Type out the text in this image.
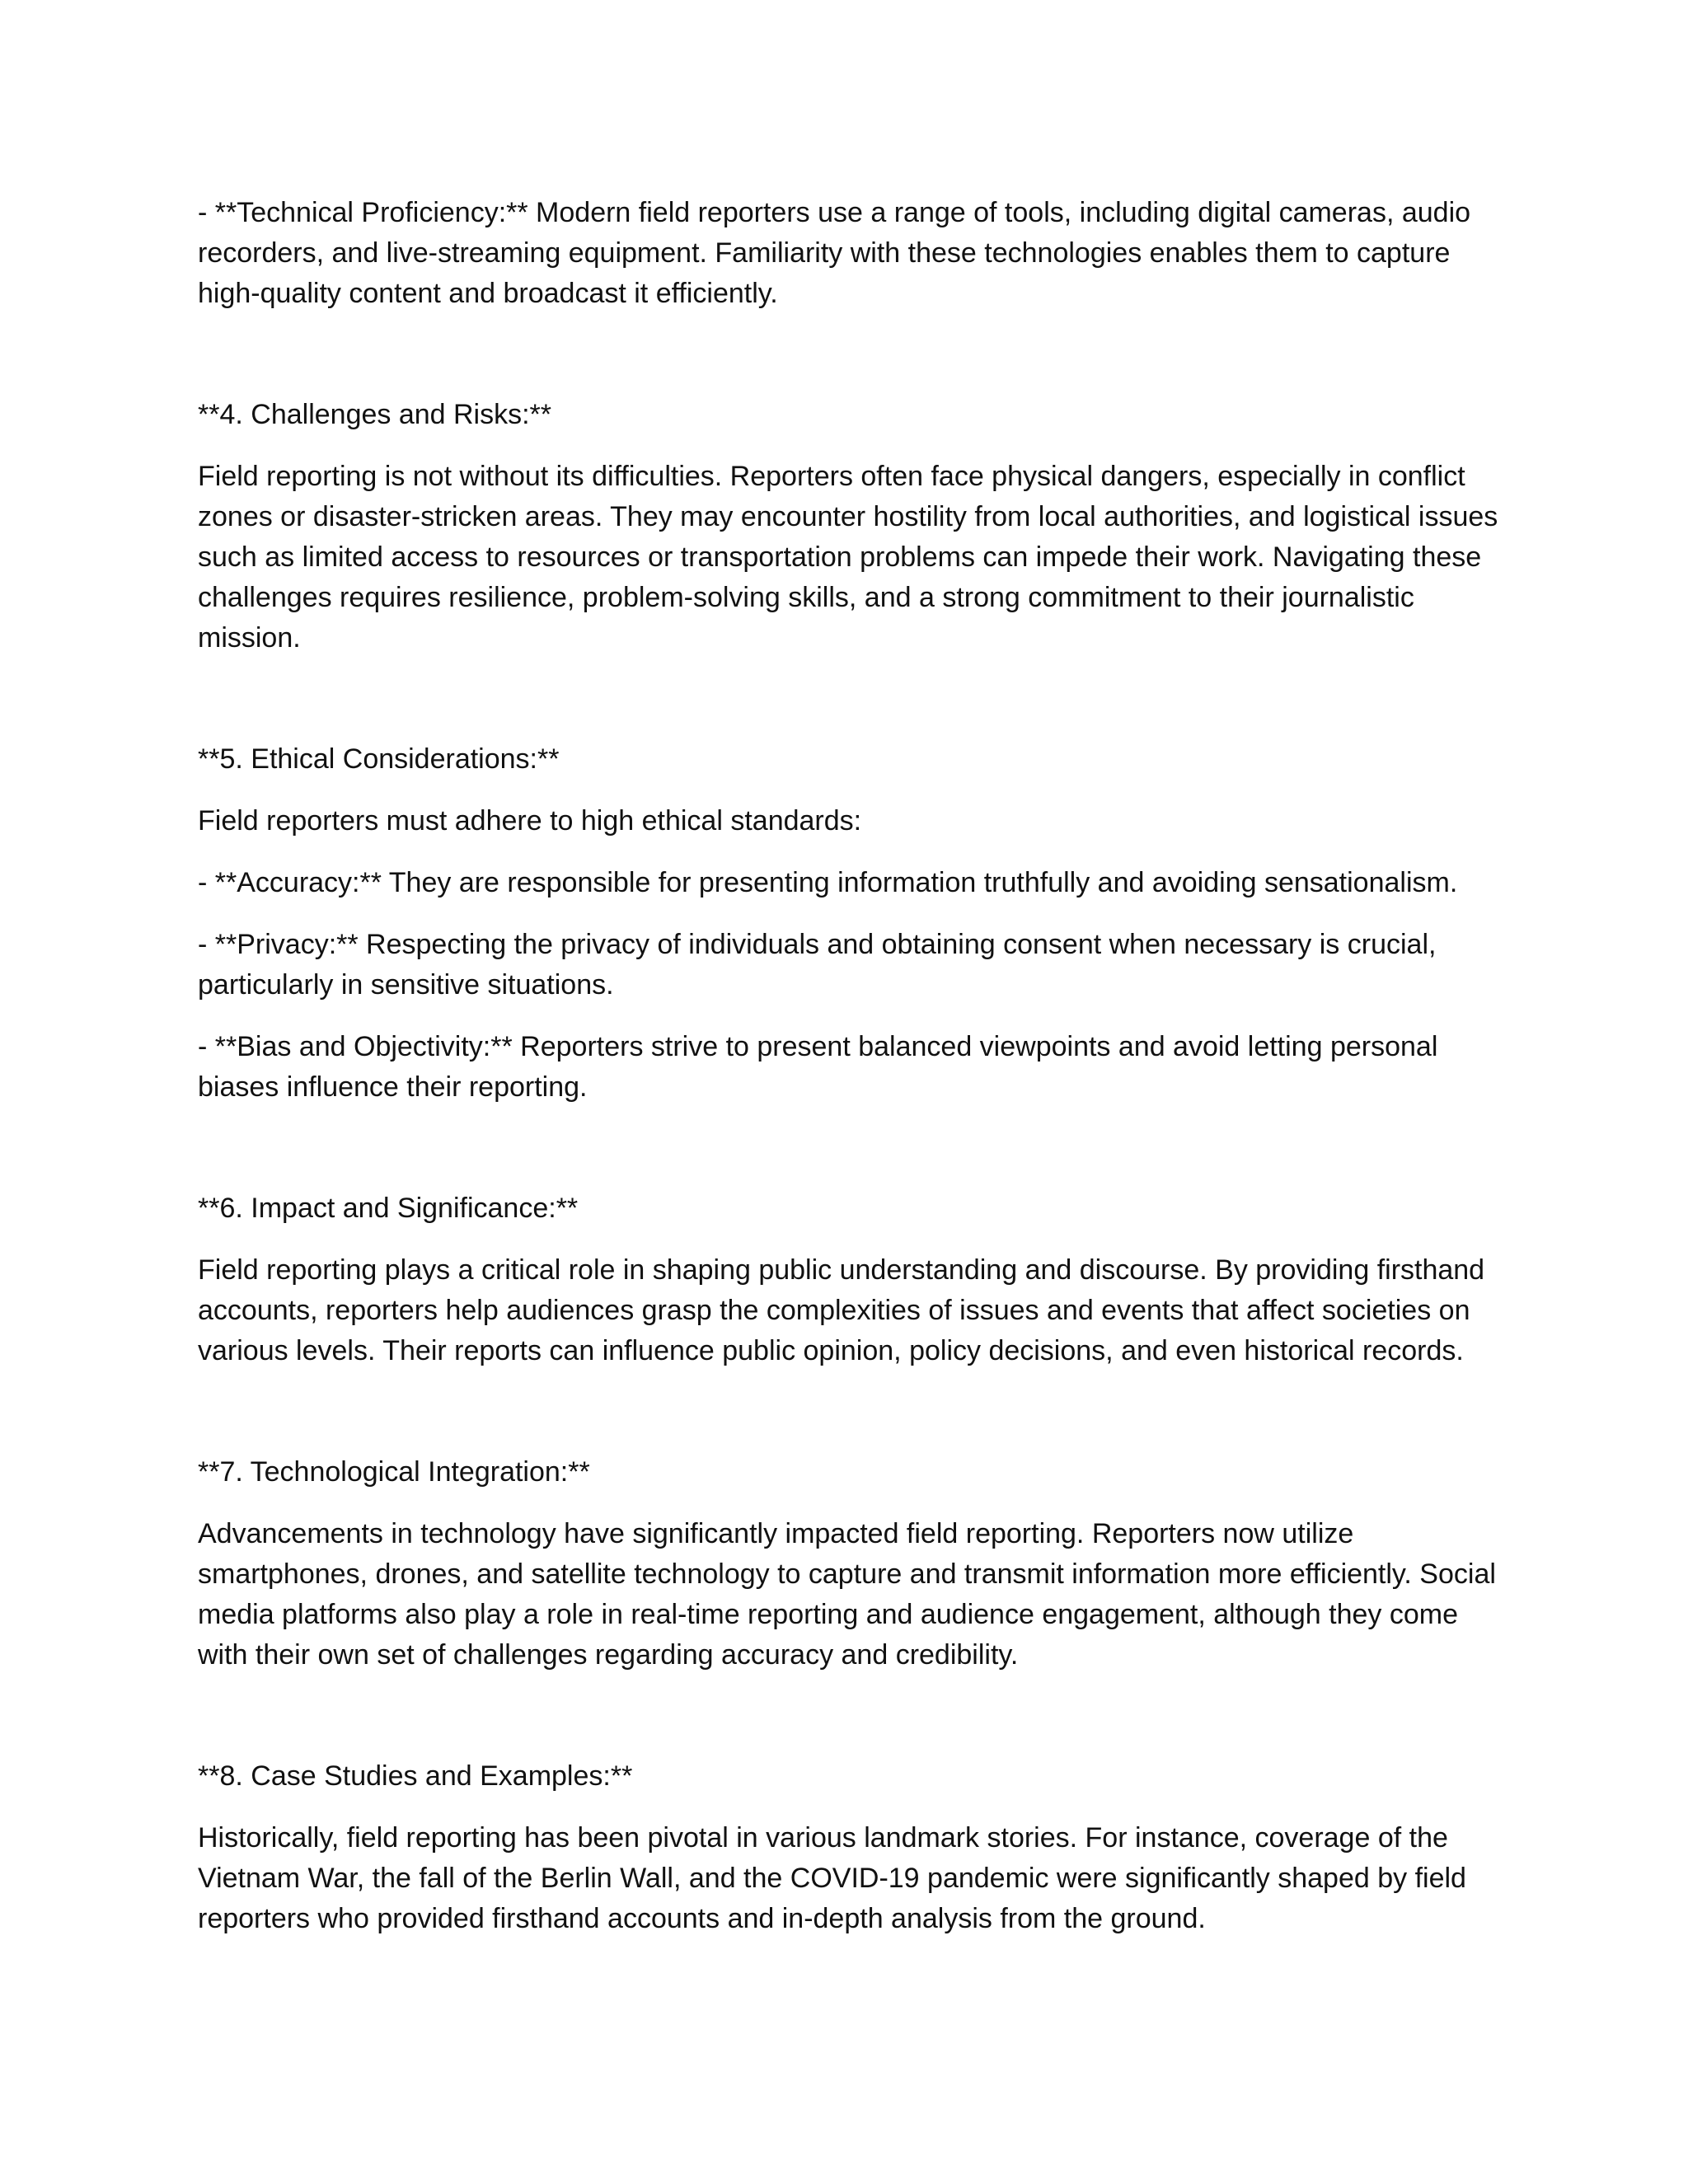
- **Technical Proficiency:** Modern field reporters use a range of tools, including digital cameras, audio recorders, and live-streaming equipment. Familiarity with these technologies enables them to capture high-quality content and broadcast it efficiently.

**4. Challenges and Risks:**

Field reporting is not without its difficulties. Reporters often face physical dangers, especially in conflict zones or disaster-stricken areas. They may encounter hostility from local authorities, and logistical issues such as limited access to resources or transportation problems can impede their work. Navigating these challenges requires resilience, problem-solving skills, and a strong commitment to their journalistic mission.

**5. Ethical Considerations:**

Field reporters must adhere to high ethical standards:

- **Accuracy:** They are responsible for presenting information truthfully and avoiding sensationalism.

- **Privacy:** Respecting the privacy of individuals and obtaining consent when necessary is crucial, particularly in sensitive situations.

- **Bias and Objectivity:** Reporters strive to present balanced viewpoints and avoid letting personal biases influence their reporting.

**6. Impact and Significance:**

Field reporting plays a critical role in shaping public understanding and discourse. By providing firsthand accounts, reporters help audiences grasp the complexities of issues and events that affect societies on various levels. Their reports can influence public opinion, policy decisions, and even historical records.

**7. Technological Integration:**

Advancements in technology have significantly impacted field reporting. Reporters now utilize smartphones, drones, and satellite technology to capture and transmit information more efficiently. Social media platforms also play a role in real-time reporting and audience engagement, although they come with their own set of challenges regarding accuracy and credibility.

**8. Case Studies and Examples:**

Historically, field reporting has been pivotal in various landmark stories. For instance, coverage of the Vietnam War, the fall of the Berlin Wall, and the COVID-19 pandemic were significantly shaped by field reporters who provided firsthand accounts and in-depth analysis from the ground.
